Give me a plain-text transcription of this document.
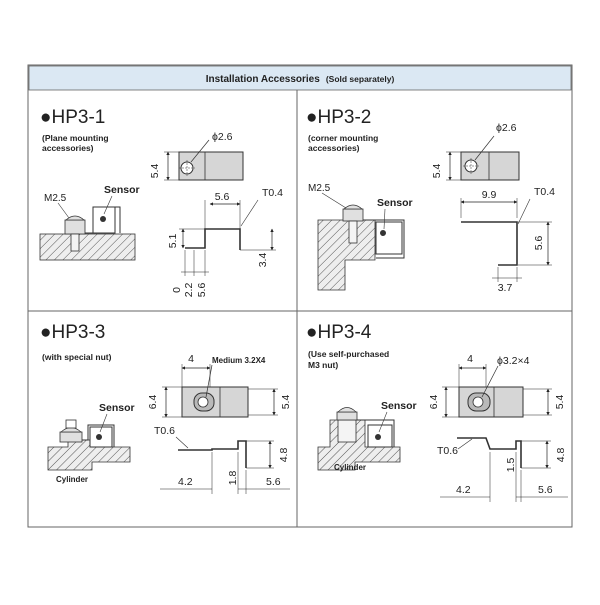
Installation Accessories (Sold separately)
●HP3-1
(Plane mounting
accessories)
ϕ2.6
5.4
M2.5
Sensor
5.6	T0.4
5.1
3.4
0 2.2 5.6
●HP3-2
(corner mounting
accessories)
ϕ2.6
5.4
M2.5
Sensor
9.9	T0.4
5.6
3.7
●HP3-3
(with special nut)	Medium 3.2X4
4
6.4	5.4
Sensor
Cylinder
T0.6
4.8
4.2	1.8	5.6
●HP3-4
(Use self-purchased
M3 nut)	ϕ3.2×4
4
6.4	5.4
Sensor
Cylinder
T0.6	4.8
4.2
1.5
5.6
